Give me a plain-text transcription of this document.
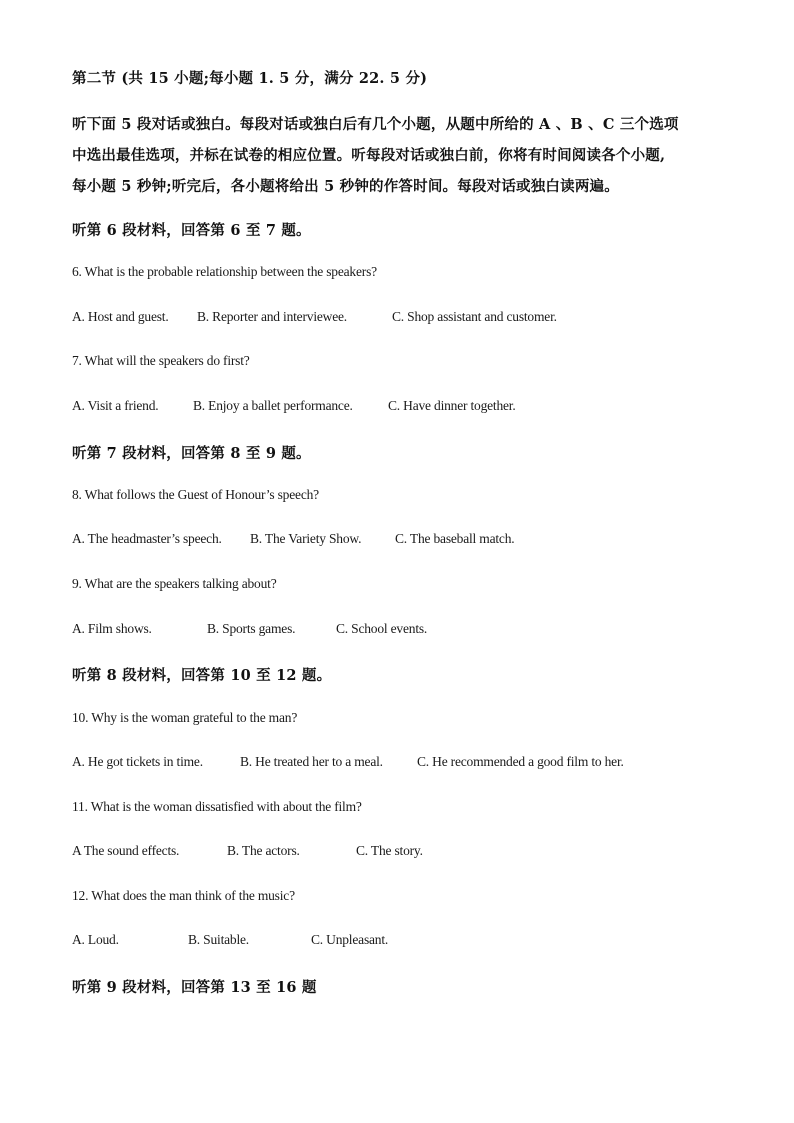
第二节 (共 15 小题;每小题 1. 5 分，满分 22. 5 分)
听下面 5 段对话或独白。每段对话或独白后有几个小题，从题中所给的 A 、B 、C 三个选项
中选出最佳选项，并标在试卷的相应位置。听每段对话或独白前，你将有时间阅读各个小题,
每小题 5 秒钟;听完后，各小题将给出 5 秒钟的作答时间。每段对话或独白读两遍。
听第 6 段材料，回答第 6 至 7 题。
6. What is the probable relationship between the speakers?
A. Host and guest. B. Reporter and interviewee.	C. Shop assistant and customer.
7. What will the speakers do first?
A. Visit a friend.	B. Enjoy a ballet performance.	C. Have dinner together.
听第 7 段材料，回答第 8 至 9 题。
8. What follows the Guest of Honour’s speech?
A. The headmaster’s speech. B. The Variety Show.	C. The baseball match.
9. What are the speakers talking about?
A. Film shows.	B. Sports games.	C. School events.
听第 8 段材料，回答第 10 至 12 题。
10. Why is the woman grateful to the man?
A. He got tickets in time.	B. He treated her to a meal.	C. He recommended a good film to her.
11. What is the woman dissatisfied with about the film?
A The sound effects.	B. The actors.	C. The story.
12. What does the man think of the music?
A. Loud.	B. Suitable.	C. Unpleasant.
听第 9 段材料，回答第 13 至 16 题
